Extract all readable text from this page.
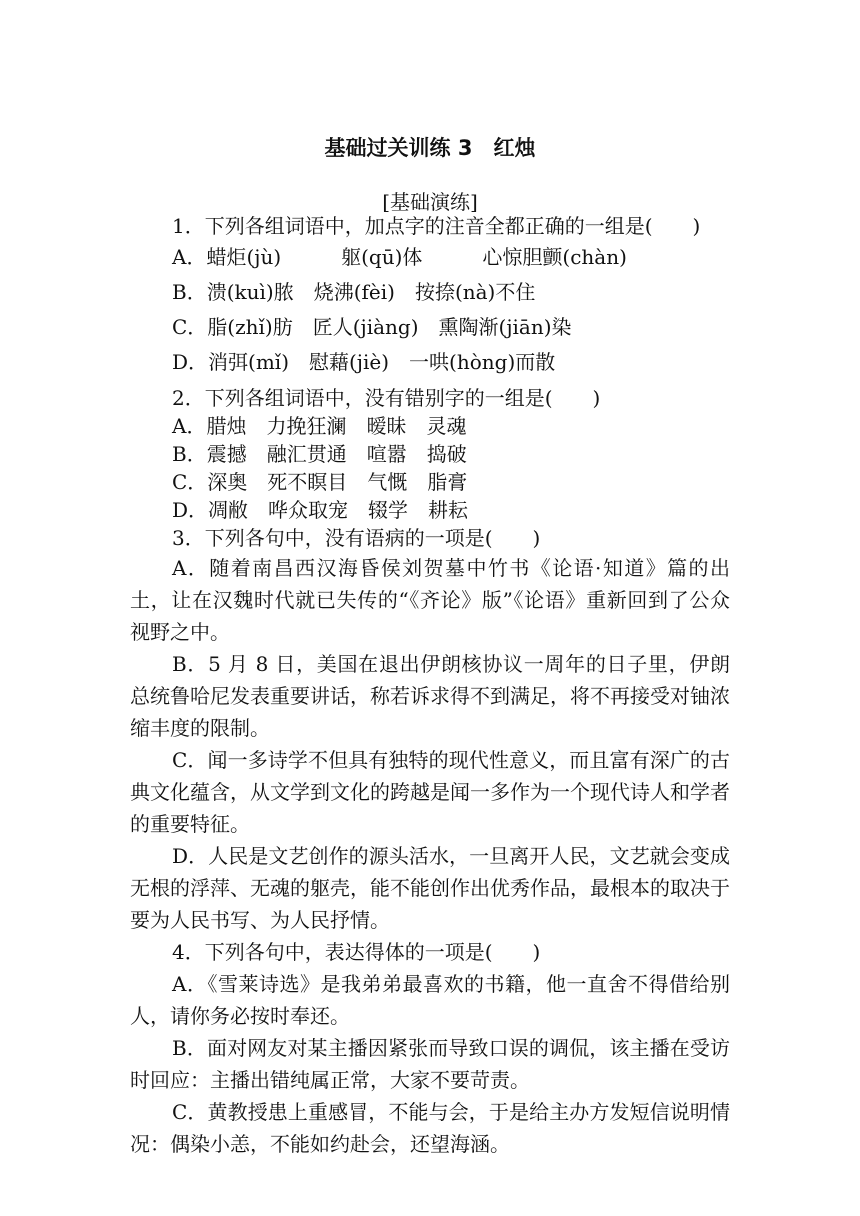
基础过关训练 3　红烛
[基础演练]
1．下列各组词语中，加点字的注音全都正确的一组是(　　)
A．蜡炬(jù)　　　躯(qū)体　　　心惊胆颤(chàn)
B．溃(kuì)脓　烧沸(fèi)　按捺(nà)不住
C．脂(zhǐ)肪　匠人(jiàng)　熏陶渐(jiān)染
D．消弭(mǐ)　慰藉(jiè)　一哄(hòng)而散
2．下列各组词语中，没有错别字的一组是(　　)
A．腊烛　力挽狂澜　暧昧　灵魂
B．震撼　融汇贯通　喧嚣　捣破
C．深奥　死不瞑目　气慨　脂膏
D．凋敝　哗众取宠　辍学　耕耘
3．下列各句中，没有语病的一项是(　　)
A．随着南昌西汉海昏侯刘贺墓中竹书《论语·知道》篇的出土，让在汉魏时代就已失传的“《齐论》版”《论语》重新回到了公众视野之中。
B．5 月 8 日，美国在退出伊朗核协议一周年的日子里，伊朗总统鲁哈尼发表重要讲话，称若诉求得不到满足，将不再接受对铀浓缩丰度的限制。
C．闻一多诗学不但具有独特的现代性意义，而且富有深广的古典文化蕴含，从文学到文化的跨越是闻一多作为一个现代诗人和学者的重要特征。
D．人民是文艺创作的源头活水，一旦离开人民，文艺就会变成无根的浮萍、无魂的躯壳，能不能创作出优秀作品，最根本的取决于要为人民书写、为人民抒情。
4．下列各句中，表达得体的一项是(　　)
A．《雪莱诗选》是我弟弟最喜欢的书籍，他一直舍不得借给别人，请你务必按时奉还。
B．面对网友对某主播因紧张而导致口误的调侃，该主播在受访时回应：主播出错纯属正常，大家不要苛责。
C．黄教授患上重感冒，不能与会，于是给主办方发短信说明情况：偶染小恙，不能如约赴会，还望海涵。
